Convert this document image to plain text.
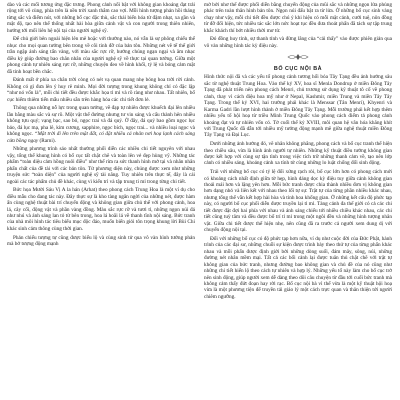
dào và các mối tương ứng đặc trưng. Phong cảnh nổi bật với không gian khoáng đạt trải rộng tới vô cùng, phía trên là nền trời xanh thẳm cao vợi. Mỗi hình tượng phản hồi tháng từng sắc và điểm nút, với những bố cục đặc thù, sắc thái biến hóa từ đậm nhạt, xa gần và mật độ, tạo nên thể thống nhất hài hòa giữa cảnh vật và con người trong thiên nhiên, hướng tới mối liên hệ nội tại của người nghệ sỹ.

Để chủ giới bên ngoài hiện lên mê hoặc với thường nào, nó vẫn là sự phông chiếu thế nhục cho mọi quan tưởng bên trong về cõi tinh đỡ của bản tôn. Những nét vẽ tế thế giới trần ngập ánh sáng tấn vàng, với màu sắc rực rỡ, hướng chúng ngạn ngại và âm nhạc điều kỳ giúp đường bao chân nhân của người nghệ sỹ về thực tại quan tưởng. Giữa một phong cảnh tự nhiên sáng rực rỡ, những chuyện đeo về hình khối, tỷ lệ và bóng cảm mặt đã tinh hoạt bền chắc.

Đánh mất ở phía xa chân trời còng có nét vạ quan mang nhẹ bóng hoa trời rời cảnh. Không có gì đưa lên ý huy rê minh. Mọi đời tượng trong khung không chỉ có đặc lập “như nó vốn là”, mỗi chi tiết đều được khắc họa tỉ mỉ và rõ ràng như nhau. Tất nhiên, bố cục hiếm thiêm tiến mẫu nhiều sẵn trên hàng hóa các chi tiết đơn lẻ.

Thông qua những nỗ lực trong quan tưởng, về đạp tự nhiên được khuếch đại lên nhiều lần bằng màu sắc và sự rõ. Một vật thể đường nhưng tư vin sáng và cấu thành hên nhiều không tựu quý; vạng bạc, sao bỏ, ngọc trai và đá quý. Ở đây, đá quý bao gồm ngọc lục bảo, đá lục mạ, pha lê, kim cương, sapphire, ngọc bích, ngọc trai... và nhiều loại ngọc và không ngọc. “Mặt trời đi lên trên mặt đất, có đặt nhiều cá nhân nơi hoạ lạnh cách sáng cửa bồng ngay (Rarni).

Những phương trình sáo nhất thường phối diễn các nhiều chi tiết nguyên với nhau vậy, tổng thể khung hình có bố cục tất chặt chẽ và toàn lên vẻ đẹp hùng vỹ. Những tác phẩm “toàn diệu cảm hồng nuôi điều” như thế rừa ra sức thanh hình mở tại và nhân nhân phẩn chất của đề tài với các bản tôn. Từ phương diện này, chúng được xem như những truyện sức “toàn diện” của người nghệ sỹ tài năng. Tuy nhiên trên thực tế, đây là cái ngoài các tác phẩm chủ đề khác, cùng vì kiến trì và tập trung ti mỉ trong từng chi tiết.

Bức họa Mười Sáu Vị A la hán (Arhat) theo phong cách Trung Hoa là một ví dụ cho điều mẫu cho đang tác này. Đây thực sự là kho tàng ngân ngời của những nét, được hàm ẩn cùng nghệ thuật bài trí chuyển động và không gian giữa chủ thể với phong cảnh, hoa lá, cây cối, động vật và phần vàng đồng. Màu sắc rực rỡ và tươi tỉ, những ngọn núi đá như nhú và ánh sáng lan tỏ từ bên trong, hoa lá hoãi lá về thanh tĩnh nội sáng. Bức tranh của nhà môi hình tác tiêu biểu mục độc đáo, muốn biến giỏi tôn trọng khung lời Bùi Chi khác sinh cảm thông cùng thời gian.

Phản chiếu tượng tự cũng được biểu lộ và cùng sinh tử qua vô vàn hình tướng phản mà bở tượng động mạnh

mờ bởi nhơ thế được phối diễn bằng chuyển động của mũi sắc và những ngọn lửa phủng phác trên toàn thân hình bản tôn. Ngọn núi đấu bật ra từ lửa. Ở những bố cục sinh vàng chạy như vậy, mỗi chi tiết đều được chú ý khi hiệu có mỗi mặt cảnh, cưới tuệ, nôn đồng từ đỡ đối hiện, tức nhiều tác sắc lớn nức hoạt tục đều đưa thoát phẩn đã tách sự tập trung khắc khách thí bớt nhiều thời mơ tử.

Đó đồng huy tỉnh, sự thanh tỉnh và đừng lăng của “cải thấy” vào được phiên giản qua vô vàn những hình tác kỳ điệu này.

BỐ CỤC NỘI BÀ

Hình thức nội đã và các yếu tố phong cảnh tương hối bóa Tây Tạng đều ảnh hưởng sâu sắc từ nghệ thuật Trung Hoa. Vào thế kỷ XV, hoa sĩ Menla Dondrup ở miền Đông Tây Tạng đã phát triển nên phong cách Menri, chủ trương sử dụng kỹ thuật tô cố về phong cảnh, thay vì cách điệu hoa mỹ như ở Nepal, Kashmir, miền Trung và miền Tây Tây Tạng. Trong thế kỷ XVI, hai trường phái khác là Menssar (Tân Menri), Khyenri và Karma Gadri lần lượt hình thành ở miền Đông Tây Tạng. Mỗi trường phái kết hợp thêm nhiều yếu tố hội hoạ từ triều Minh Trung Quốc vào phong cách điểm tả phong cảnh khoáng đạt và tự nhiên vốn có. Tờ cuối thế kỷ XVIII, môi quan hệ văn hóa khăng khít với Trung Quốc đã dẫn tới nhiều mỹ tưởng động mạnh mẽ giữa nghệ thuật miền Đông Tây Tạng và Đại Lục.

Dưới những ảnh hưởng đó, vẽ nhân không phẳng, phong cách và bố cục tranh thể hiện theo chiều sâu, vừa là hình ảnh người tự nhiên. Những kỹ thuật điều tưởng không gian được kết hợp với cùng sự tận tình trong việc tích trữ những thanh cảm về, tạo nên lớp cảnh có nhiều sáng, khoảng cảnh xa tính tử cùng những lo luật chống đối sinh động.

Trái với những bố cục có tỷ lệ đối xứng rạch ròi, bố cục lớn hơn có phong cách mới có khoảng cách nhất định giữa tờ hẹp, hình dáng dọc kỳ điệu tuy giữa cảnh không gian thoải mái hơn và lặng yên hơn. Mỗi bức tranh được chia thành nhiều đơn vị không gian hơn dạng nhỏ và liên kết với nhau theo lối tự sự. Trật tự của từng phần nhiều khác nhau, nhưng tổng thể vẫn kết hợp hài hòa và tinh hoa khổng gian. Ở những kết cấu độ phức tạp này, có người bố cục phối diễn được truyền lại tỉ mỉ. Tàng cảnh đa thế giới có cả các chi tiết được đặt đợi hai phía với nhau và ánh sáng chiếu tới nhiều chiều khác nhau, các chi tiết cũng tuỳ tâm và đều được bố trí tỉ mỉ trong một ngôi đền và những hình tượng nhân vật. Giữa chi tiết được thể hiện nhẹ, nên cũng đã ra trước cả người xem dung dị với chuyển động nội tại.

Đối với những bố cục có độ phức tạp hơn nữa, ví dụ như cuộc đời của Đức Phật, hành trình của các đại sư, những chuỗi sự kiện được trình bày theo thứ tự của từng phẩn khác nhau và mỗi phẩn được định giới bởi những dòng suối, đám mây, sông, núi, những đường nét nhân mềm mại. Tất cả các bối cảnh lại được tuân thủ chặt chẽ với trật tự không gian của bức tranh, nhưng đường bao không gian và chủ đề của nó cũng như những chi tiết hiển lộ theo cách tự nhiên và hợp lý. Những yếu tố này làm cho bố cục trở nên sinh động, giúp người xem dễ dàng theo dõi câu chuyện từ đầu tới cuối bức tranh mà không cảm thấy đứt đoạn hay rời rạc. Bố cục nội bà vì thế vừa là một kỹ thuật hội hoạ vừa là một phương tiện để truyền tải giáo lý một cách trực quan và thân thiện tới người chiêm ngưỡng.
